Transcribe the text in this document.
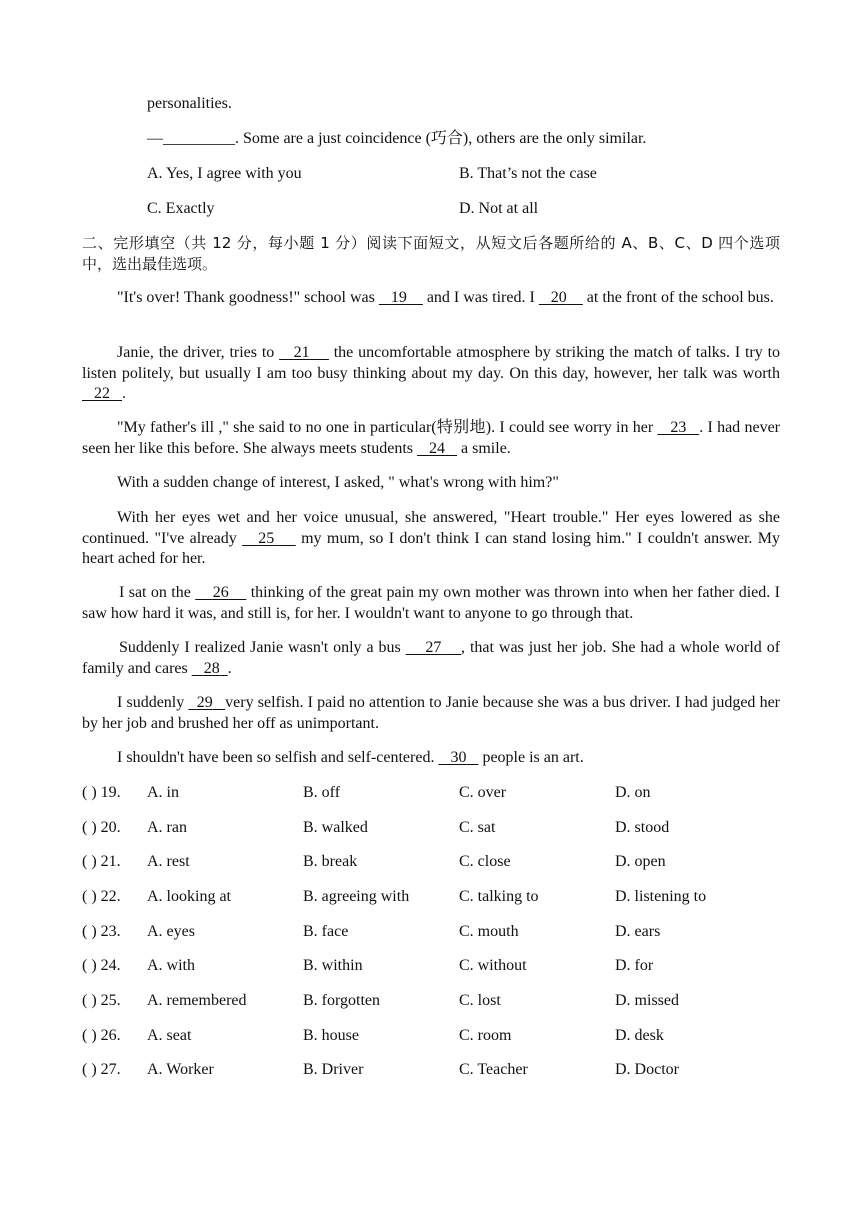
personalities.
—_________. Some are a just coincidence (巧合), others are the only similar.
A. Yes, I agree with you	B. That’s not the case
C. Exactly	D. Not at all
二、完形填空（共 12 分，每小题 1 分）阅读下面短文，从短文后各题所给的 A、B、C、D 四个选项中，选出最佳选项。
"It's over! Thank goodness!" school was    19     and I was tired. I    20     at the front of the school bus.
Janie, the driver, tries to    21     the uncomfortable atmosphere by striking the match of talks. I try to listen politely, but usually I am too busy thinking about my day. On this day, however, her talk was worth    22 .
"My father's ill ," she said to no one in particular(特别地). I could see worry in her    23 . I had never seen her like this before. She always meets students    24    a smile.
With a sudden change of interest, I asked, " what's wrong with him?"
With her eyes wet and her voice unusual, she answered, "Heart trouble." Her eyes lowered as she continued. "I've already    25     my mum, so I don't think I can stand losing him." I couldn't answer. My heart ached for her.
I sat on the     26     thinking of the great pain my own mother was thrown into when her father died. I saw how hard it was, and still is, for her. I wouldn't want to anyone to go through that.
Suddenly I realized Janie wasn't only a bus     27 , that was just her job. She had a whole world of family and cares    28 .
I suddenly   29 very selfish. I paid no attention to Janie because she was a bus driver. I had judged her by her job and brushed her off as unimportant.
I shouldn't have been so selfish and self-centered.    30    people is an art.
( ) 19. A. in	B. off	C. over	D. on
( ) 20. A. ran	B. walked	C. sat	D. stood
( ) 21. A. rest	B. break	C. close	D. open
( ) 22. A. looking at	B. agreeing with	C. talking to	D. listening to
( ) 23. A. eyes	B. face	C. mouth	D. ears
( ) 24. A. with	B. within	C. without	D. for
( ) 25. A. remembered	B. forgotten	C. lost	D. missed
( ) 26. A. seat	B. house	C. room	D. desk
( ) 27. A. Worker	B. Driver	C. Teacher	D. Doctor
